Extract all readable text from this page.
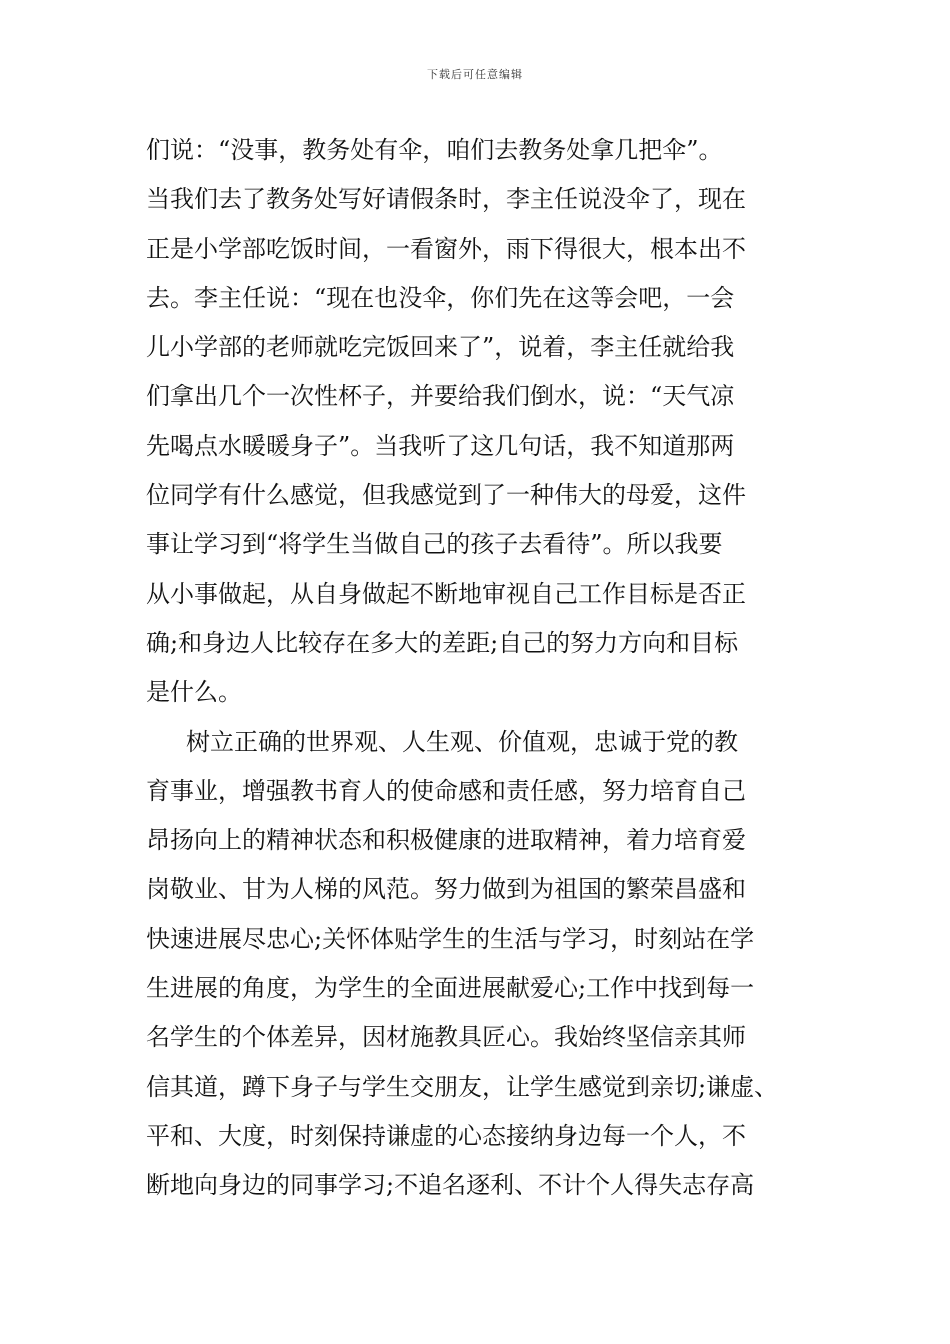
下载后可任意编辑
们说：“没事，教务处有伞，咱们去教务处拿几把伞”。
当我们去了教务处写好请假条时，李主任说没伞了，现在
正是小学部吃饭时间，一看窗外，雨下得很大，根本出不
去。李主任说：“现在也没伞，你们先在这等会吧，一会
儿小学部的老师就吃完饭回来了”，说着，李主任就给我
们拿出几个一次性杯子，并要给我们倒水，说：“天气凉
先喝点水暖暖身子”。当我听了这几句话，我不知道那两
位同学有什么感觉，但我感觉到了一种伟大的母爱，这件
事让学习到“将学生当做自己的孩子去看待”。所以我要
从小事做起，从自身做起不断地审视自己工作目标是否正
确;和身边人比较存在多大的差距;自己的努力方向和目标
是什么。
树立正确的世界观、人生观、价值观，忠诚于党的教
育事业，增强教书育人的使命感和责任感，努力培育自己
昂扬向上的精神状态和积极健康的进取精神，着力培育爱
岗敬业、甘为人梯的风范。努力做到为祖国的繁荣昌盛和
快速进展尽忠心;关怀体贴学生的生活与学习，时刻站在学
生进展的角度，为学生的全面进展献爱心;工作中找到每一
名学生的个体差异，因材施教具匠心。我始终坚信亲其师
信其道，蹲下身子与学生交朋友，让学生感觉到亲切;谦虚、
平和、大度，时刻保持谦虚的心态接纳身边每一个人，不
断地向身边的同事学习;不追名逐利、不计个人得失志存高
